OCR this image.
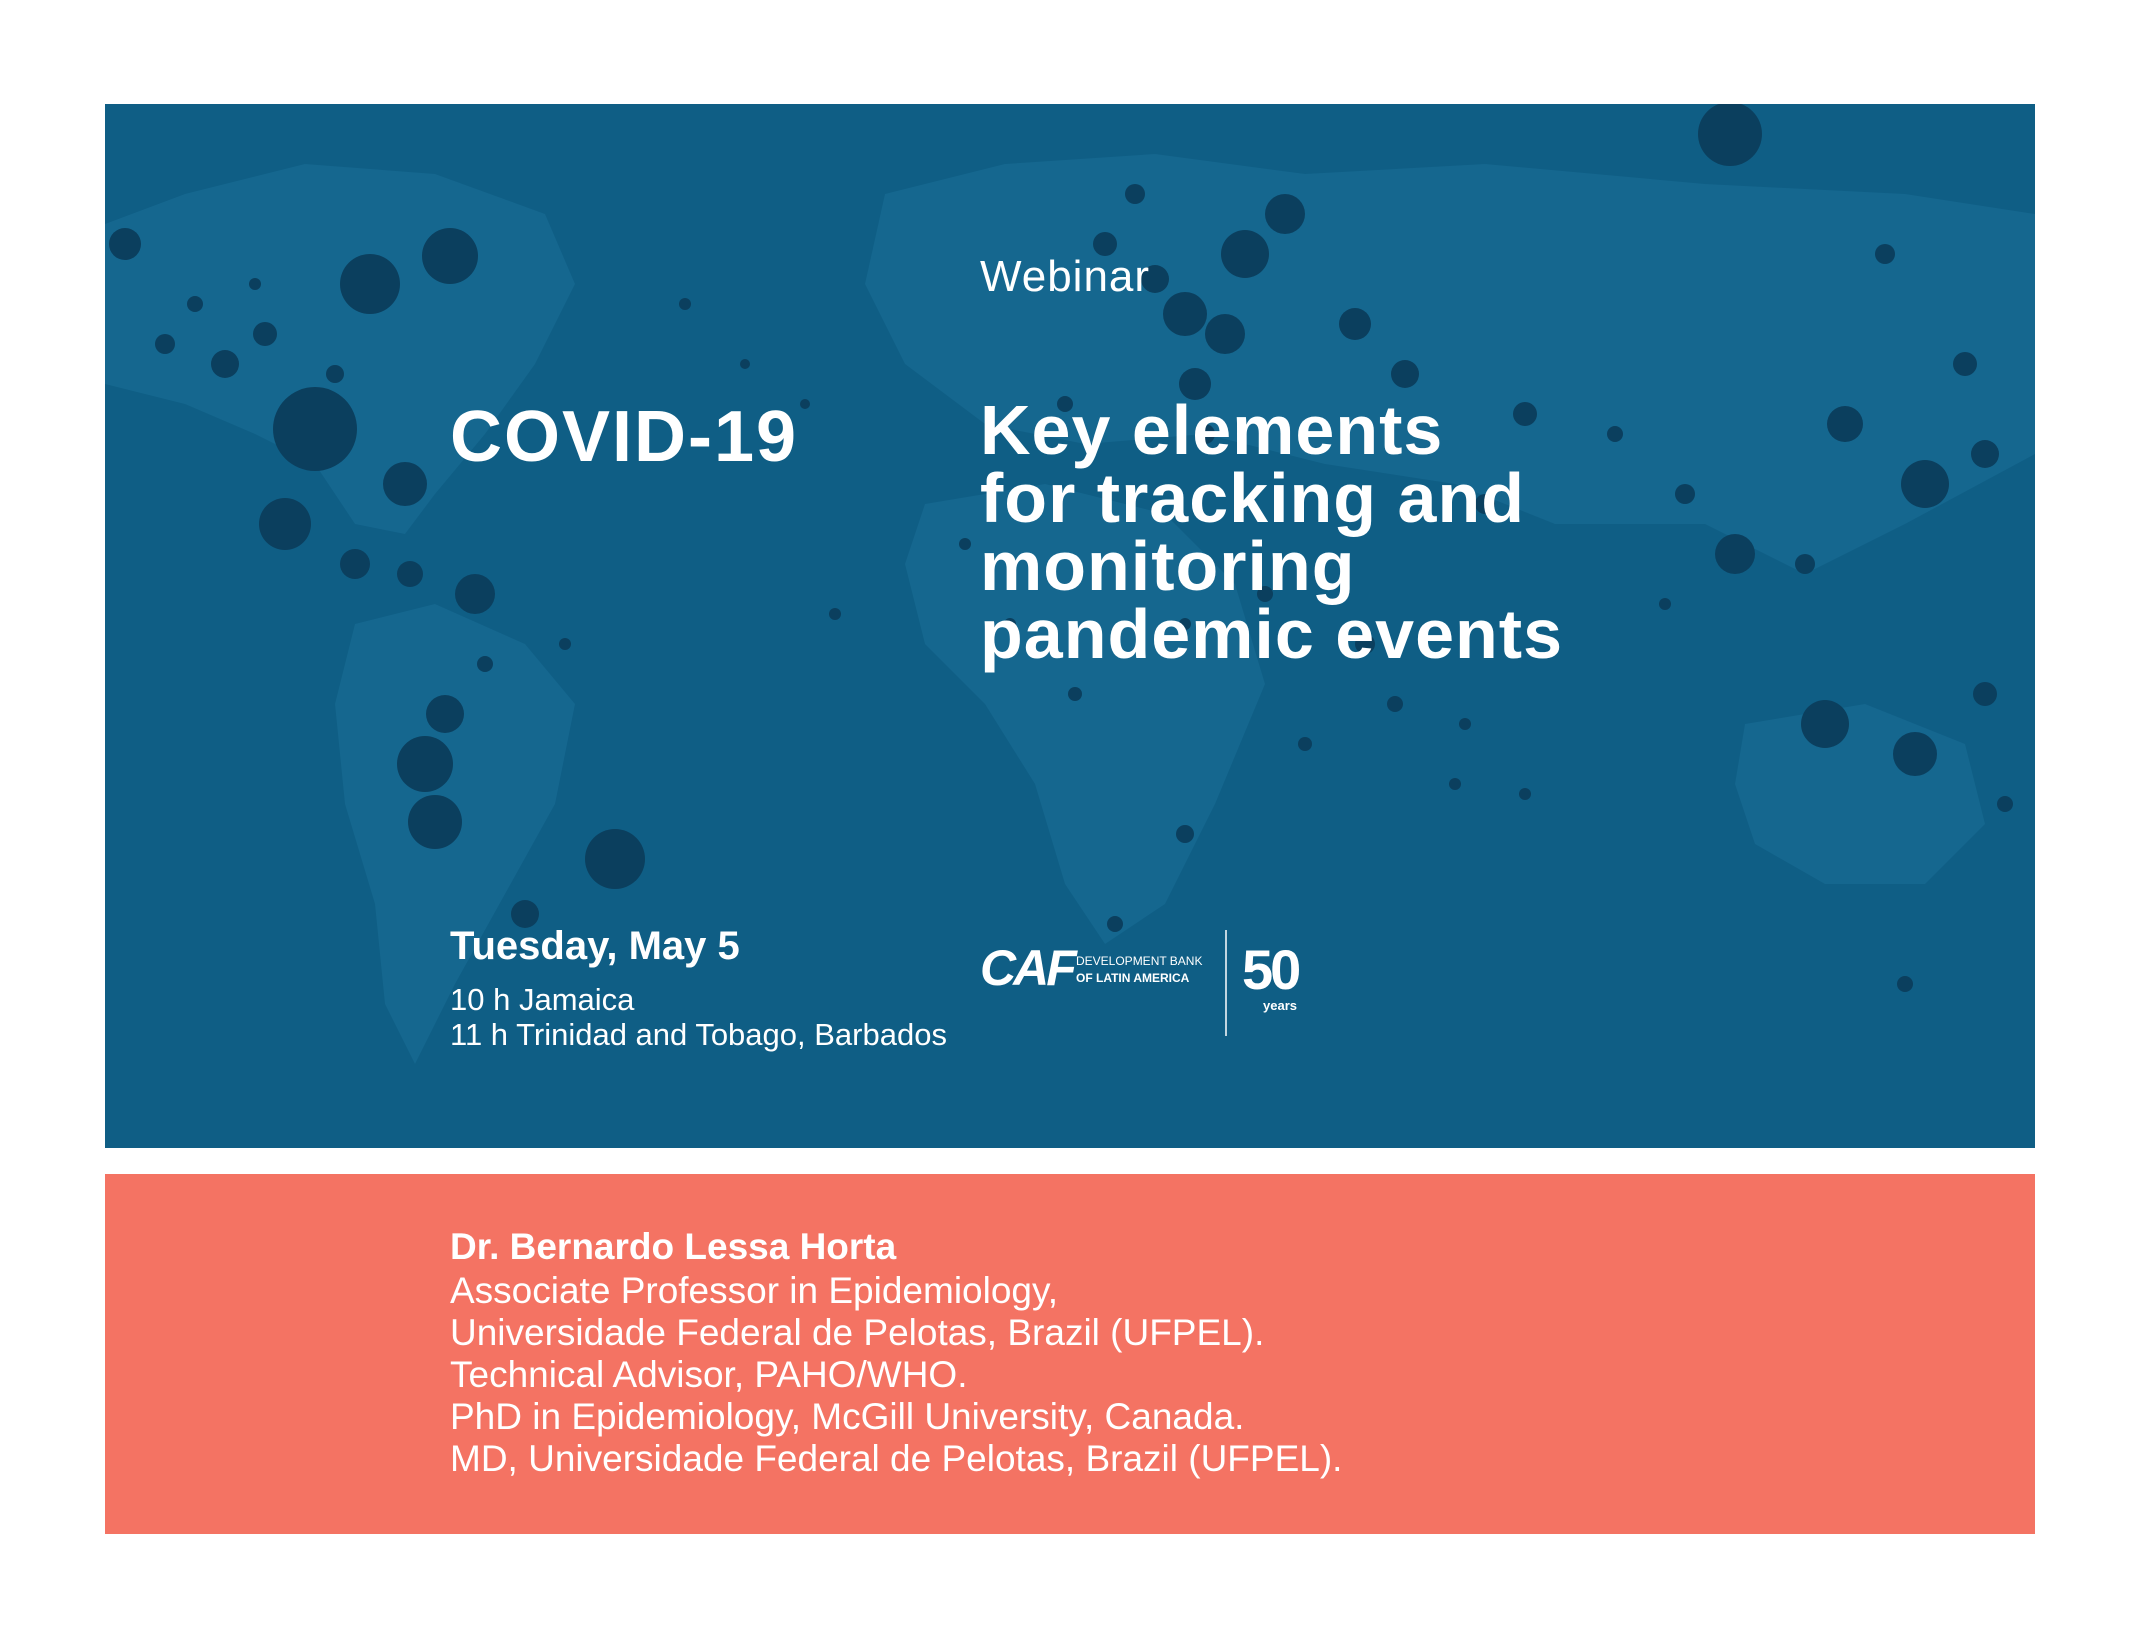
Webinar
COVID-19	Key elements
for tracking and
monitoring
pandemic events
Tuesday, May 5
10 h Jamaica
11 h Trinidad and Tobago, Barbados
CAF DEVELOPMENT BANK
OF LATIN AMERICA 50
years
Dr. Bernardo Lessa Horta
Associate Professor in Epidemiology,
Universidade Federal de Pelotas, Brazil (UFPEL).
Technical Advisor, PAHO/WHO.
PhD in Epidemiology, McGill University, Canada.
MD, Universidade Federal de Pelotas, Brazil (UFPEL).
